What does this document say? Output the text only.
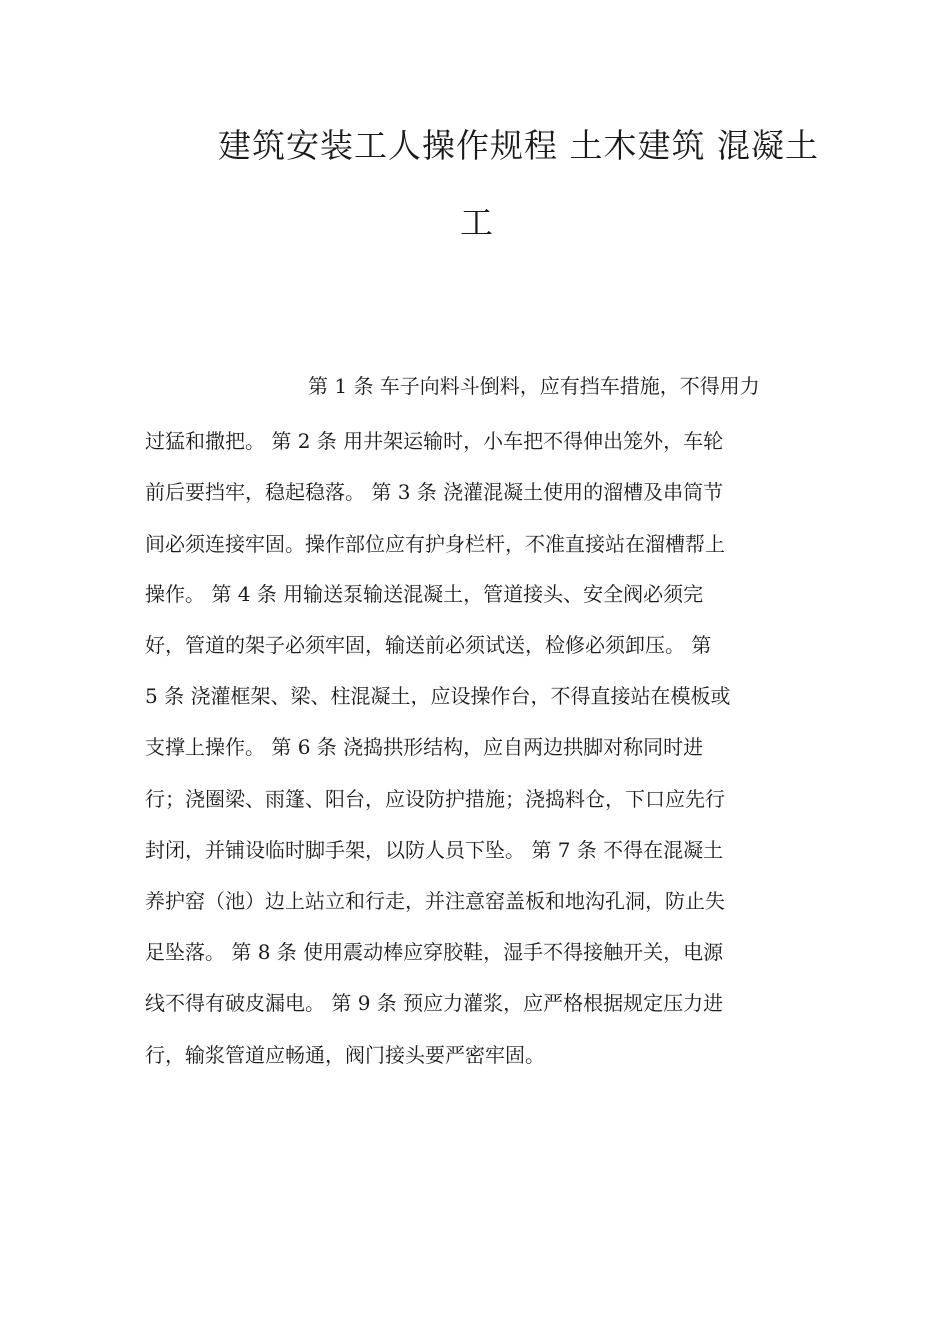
建筑安装工人操作规程 土木建筑 混凝土
工
第 1 条 车子向料斗倒料，应有挡车措施，不得用力
过猛和撒把。 第 2 条 用井架运输时，小车把不得伸出笼外，车轮
前后要挡牢，稳起稳落。 第 3 条 浇灌混凝土使用的溜槽及串筒节
间必须连接牢固。操作部位应有护身栏杆，不准直接站在溜槽帮上
操作。 第 4 条 用输送泵输送混凝土，管道接头、安全阀必须完
好，管道的架子必须牢固，输送前必须试送，检修必须卸压。 第
5 条 浇灌框架、梁、柱混凝土，应设操作台，不得直接站在模板或
支撑上操作。 第 6 条 浇捣拱形结构，应自两边拱脚对称同时进
行；浇圈梁、雨篷、阳台，应设防护措施；浇捣料仓，下口应先行
封闭，并铺设临时脚手架，以防人员下坠。 第 7 条 不得在混凝土
养护窑（池）边上站立和行走，并注意窑盖板和地沟孔洞，防止失
足坠落。 第 8 条 使用震动棒应穿胶鞋，湿手不得接触开关，电源
线不得有破皮漏电。 第 9 条 预应力灌浆，应严格根据规定压力进
行，输浆管道应畅通，阀门接头要严密牢固。
